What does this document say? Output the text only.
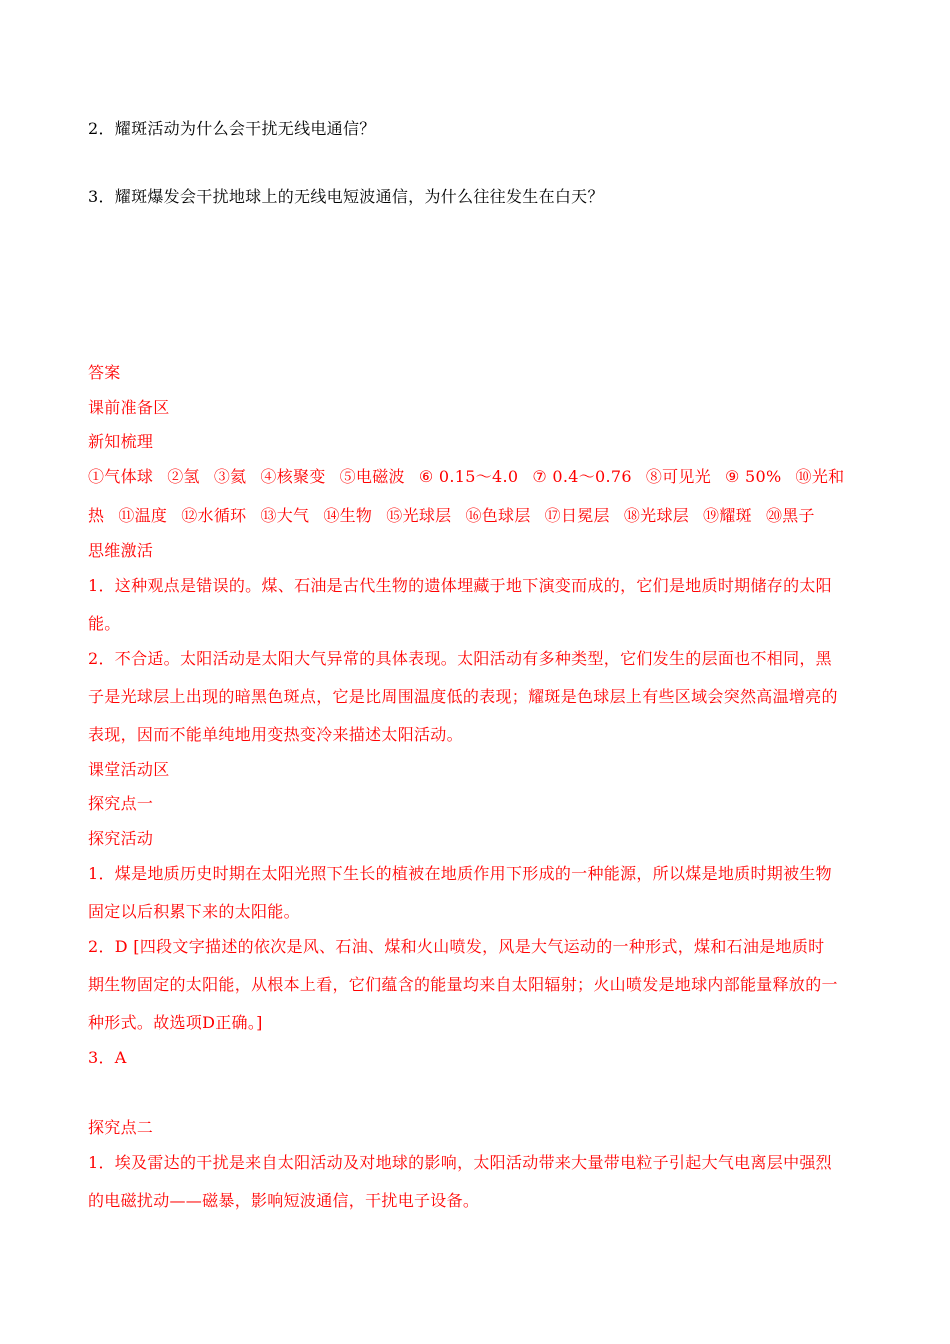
2．耀斑活动为什么会干扰无线电通信？
3．耀斑爆发会干扰地球上的无线电短波通信，为什么往往发生在白天？
答案
课前准备区
新知梳理
①气体球 ②氢 ③氦 ④核聚变 ⑤电磁波 ⑥ 0.15～4.0 ⑦ 0.4～0.76 ⑧可见光 ⑨ 50% ⑩光和
热 ⑪温度 ⑫水循环 ⑬大气 ⑭生物 ⑮光球层 ⑯色球层 ⑰日冕层 ⑱光球层 ⑲耀斑 ⑳黑子
思维激活
1．这种观点是错误的。煤、石油是古代生物的遗体埋藏于地下演变而成的，它们是地质时期储存的太阳
能。
2．不合适。太阳活动是太阳大气异常的具体表现。太阳活动有多种类型，它们发生的层面也不相同，黑
子是光球层上出现的暗黑色斑点，它是比周围温度低的表现；耀斑是色球层上有些区域会突然高温增亮的
表现，因而不能单纯地用变热变冷来描述太阳活动。
课堂活动区
探究点一
探究活动
1．煤是地质历史时期在太阳光照下生长的植被在地质作用下形成的一种能源，所以煤是地质时期被生物
固定以后积累下来的太阳能。
2．D [四段文字描述的依次是风、石油、煤和火山喷发，风是大气运动的一种形式，煤和石油是地质时
期生物固定的太阳能，从根本上看，它们蕴含的能量均来自太阳辐射；火山喷发是地球内部能量释放的一
种形式。故选项D正确。]
3．A
探究点二
1．埃及雷达的干扰是来自太阳活动及对地球的影响，太阳活动带来大量带电粒子引起大气电离层中强烈
的电磁扰动——磁暴，影响短波通信，干扰电子设备。
